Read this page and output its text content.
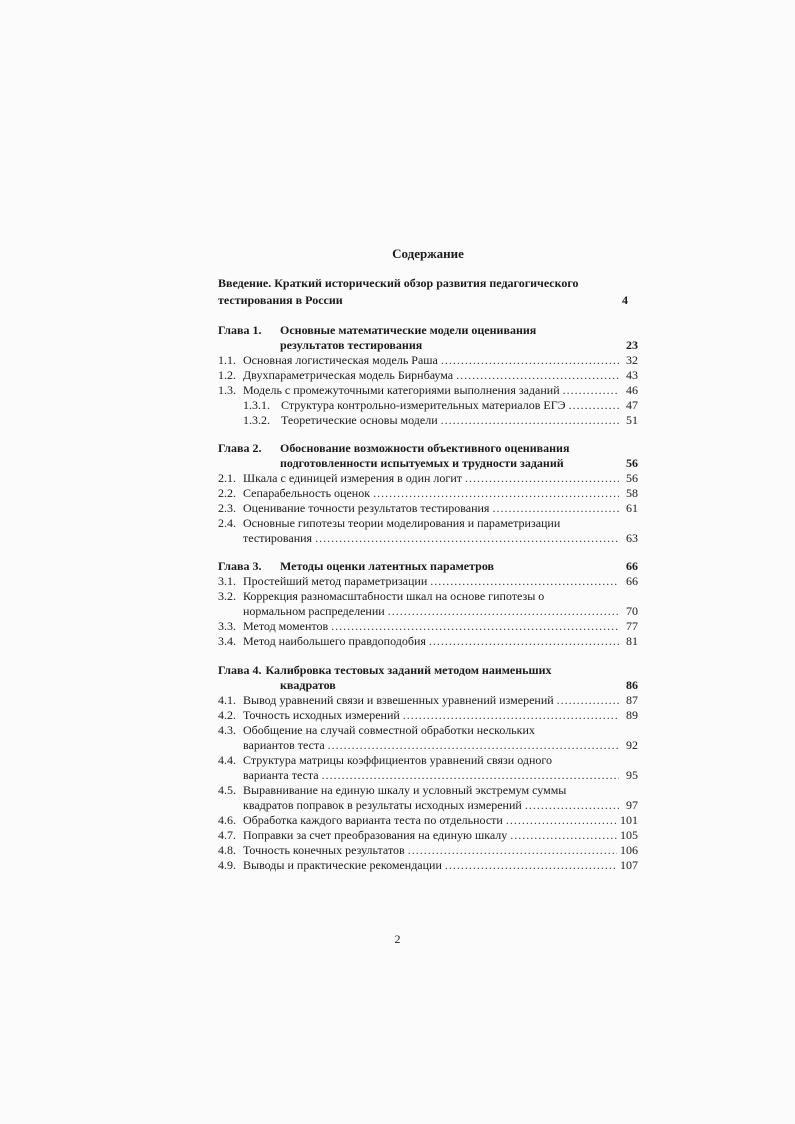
Содержание
Введение. Краткий исторический обзор развития педагогического
тестирования в России	4
Глава 1.	Основные математические модели оценивания
результатов тестирования	23
1.1. Основная логистическая модель Раша .....	32
1.2. Двухпараметрическая модель Бирнбаума .....	43
1.3. Модель с промежуточными категориями выполнения заданий .....	46
1.3.1. Структура контрольно-измерительных материалов ЕГЭ .....	47
1.3.2. Теоретические основы модели .....	51
Глава 2.	Обоснование возможности объективного оценивания
подготовленности испытуемых и трудности заданий	56
2.1. Шкала с единицей измерения в один логит .....	56
2.2. Сепарабельность оценок .....	58
2.3. Оценивание точности результатов тестирования .....	61
2.4. Основные гипотезы теории моделирования и параметризации
тестирования .....	63
Глава 3.	Методы оценки латентных параметров	66
3.1. Простейший метод параметризации .....	66
3.2. Коррекция разномасштабности шкал на основе гипотезы о
нормальном распределении .....	70
3.3. Метод моментов .....	77
3.4. Метод наибольшего правдоподобия .....	81
Глава 4. Калибровка тестовых заданий методом наименьших
квадратов	86
4.1. Вывод уравнений связи и взвешенных уравнений измерений .....	87
4.2. Точность исходных измерений .....	89
4.3. Обобщение на случай совместной обработки нескольких
вариантов теста .....	92
4.4. Структура матрицы коэффициентов уравнений связи одного
варианта теста .....	95
4.5. Выравнивание на единую шкалу и условный экстремум суммы
квадратов поправок в результаты исходных измерений .....	97
4.6. Обработка каждого варианта теста по отдельности .....	101
4.7. Поправки за счет преобразования на единую шкалу .....	105
4.8. Точность конечных результатов .....	106
4.9. Выводы и практические рекомендации .....	107
2
